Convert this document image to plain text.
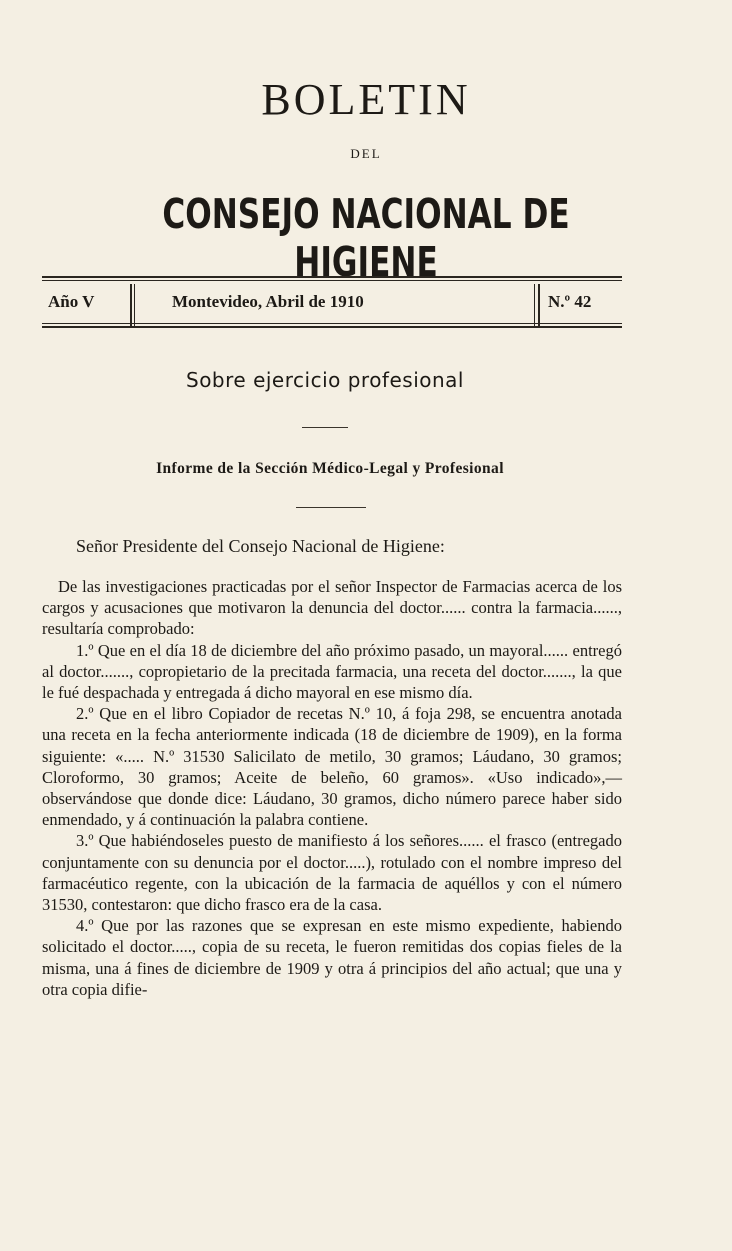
BOLETIN
DEL
CONSEJO NACIONAL DE HIGIENE
Año V	Montevideo, Abril de 1910	N.º 42
Sobre ejercicio profesional
Informe de la Sección Médico-Legal y Profesional
Señor Presidente del Consejo Nacional de Higiene:

De las investigaciones practicadas por el señor Inspector de Farmacias acerca de los cargos y acusaciones que motivaron la denuncia del doctor...... contra la farmacia......, resultaría comprobado:

1.º Que en el día 18 de diciembre del año próximo pasado, un mayoral...... entregó al doctor......., copropietario de la precitada farmacia, una receta del doctor......., la que le fué despachada y entregada á dicho mayoral en ese mismo día.

2.º Que en el libro Copiador de recetas N.º 10, á foja 298, se encuentra anotada una receta en la fecha anteriormente indicada (18 de diciembre de 1909), en la forma siguiente: «..... N.º 31530 Salicilato de metilo, 30 gramos; Láudano, 30 gramos; Cloroformo, 30 gramos; Aceite de beleño, 60 gramos». «Uso indicado»,—observándose que donde dice: Láudano, 30 gramos, dicho número parece haber sido enmendado, y á continuación la palabra contiene.

3.º Que habiéndoseles puesto de manifiesto á los señores...... el frasco (entregado conjuntamente con su denuncia por el doctor.....), rotulado con el nombre impreso del farmacéutico regente, con la ubicación de la farmacia de aquéllos y con el número 31530, contestaron: que dicho frasco era de la casa.

4.º Que por las razones que se expresan en este mismo expediente, habiendo solicitado el doctor....., copia de su receta, le fueron remitidas dos copias fieles de la misma, una á fines de diciembre de 1909 y otra á principios del año actual; que una y otra copia difie-
